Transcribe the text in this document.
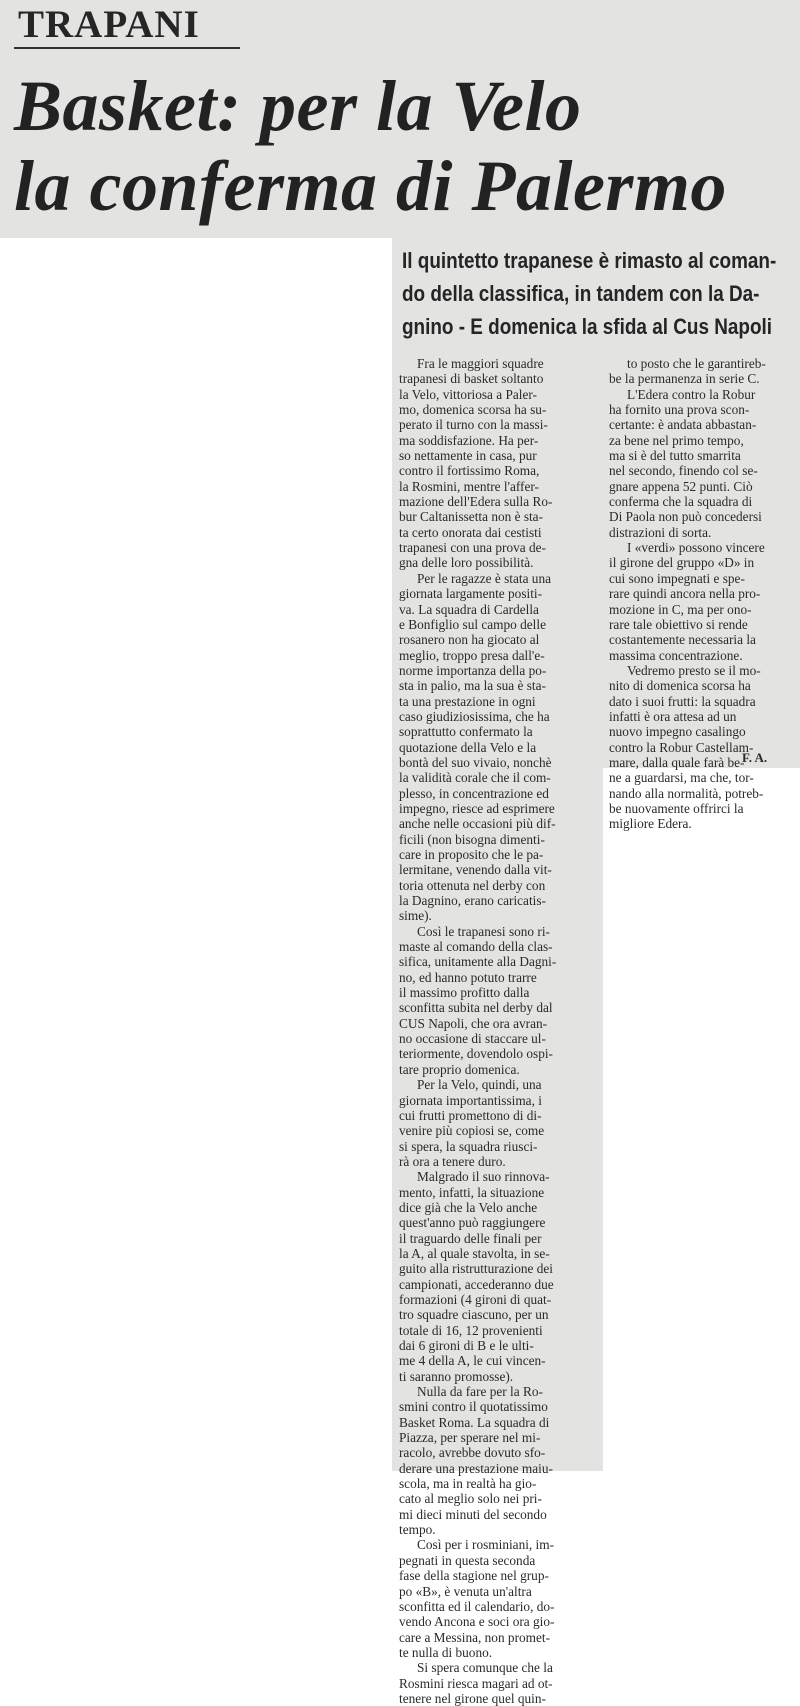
TRAPANI
Basket: per la Velo
la conferma di Palermo
Il quintetto trapanese è rimasto al coman-
do della classifica, in tandem con la Da-
gnino - E domenica la sfida al Cus Napoli

Fra le maggiori squadre
trapanesi di basket soltanto
la Velo, vittoriosa a Paler-
mo, domenica scorsa ha su-
perato il turno con la massi-
ma soddisfazione. Ha per-
so nettamente in casa, pur
contro il fortissimo Roma,
la Rosmini, mentre l'affer-
mazione dell'Edera sulla Ro-
bur Caltanissetta non è sta-
ta certo onorata dai cestisti
trapanesi con una prova de-
gna delle loro possibilità.

Per le ragazze è stata una
giornata largamente positi-
va. La squadra di Cardella
e Bonfiglio sul campo delle
rosanero non ha giocato al
meglio, troppo presa dall'e-
norme importanza della po-
sta in palio, ma la sua è sta-
ta una prestazione in ogni
caso giudiziosissima, che ha
soprattutto confermato la
quotazione della Velo e la
bontà del suo vivaio, nonchè
la validità corale che il com-
plesso, in concentrazione ed
impegno, riesce ad esprimere
anche nelle occasioni più dif-
ficili (non bisogna dimenti-
care in proposito che le pa-
lermitane, venendo dalla vit-
toria ottenuta nel derby con
la Dagnino, erano caricatis-
sime).

Così le trapanesi sono ri-
maste al comando della clas-
sifica, unitamente alla Dagni-
no, ed hanno potuto trarre
il massimo profitto dalla
sconfitta subita nel derby dal
CUS Napoli, che ora avran-
no occasione di staccare ul-
teriormente, dovendolo ospi-
tare proprio domenica.

Per la Velo, quindi, una
giornata importantissima, i
cui frutti promettono di di-
venire più copiosi se, come
si spera, la squadra riusci-
rà ora a tenere duro.

Malgrado il suo rinnova-
mento, infatti, la situazione
dice già che la Velo anche
quest'anno può raggiungere
il traguardo delle finali per
la A, al quale stavolta, in se-
guito alla ristrutturazione dei
campionati, accederanno due
formazioni (4 gironi di quat-
tro squadre ciascuno, per un
totale di 16, 12 provenienti
dai 6 gironi di B e le ulti-
me 4 della A, le cui vincen-
ti saranno promosse).

Nulla da fare per la Ro-
smini contro il quotatissimo
Basket Roma. La squadra di
Piazza, per sperare nel mi-
racolo, avrebbe dovuto sfo-
derare una prestazione maiu-
scola, ma in realtà ha gio-
cato al meglio solo nei pri-
mi dieci minuti del secondo
tempo.

Così per i rosminiani, im-
pegnati in questa seconda
fase della stagione nel grup-
po «B», è venuta un'altra
sconfitta ed il calendario, do-
vendo Ancona e soci ora gio-
care a Messina, non promet-
te nulla di buono.

Si spera comunque che la
Rosmini riesca magari ad ot-
tenere nel girone quel quin-

to posto che le garantireb-
be la permanenza in serie C.

L'Edera contro la Robur
ha fornito una prova scon-
certante: è andata abbastan-
za bene nel primo tempo,
ma si è del tutto smarrita
nel secondo, finendo col se-
gnare appena 52 punti. Ciò
conferma che la squadra di
Di Paola non può concedersi
distrazioni di sorta.

I «verdi» possono vincere
il girone del gruppo «D» in
cui sono impegnati e spe-
rare quindi ancora nella pro-
mozione in C, ma per ono-
rare tale obiettivo si rende
costantemente necessaria la
massima concentrazione.

Vedremo presto se il mo-
nito di domenica scorsa ha
dato i suoi frutti: la squadra
infatti è ora attesa ad un
nuovo impegno casalingo
contro la Robur Castellam-
mare, dalla quale farà be-
ne a guardarsi, ma che, tor-
nando alla normalità, potreb-
be nuovamente offrirci la
migliore Edera.

F. A.
